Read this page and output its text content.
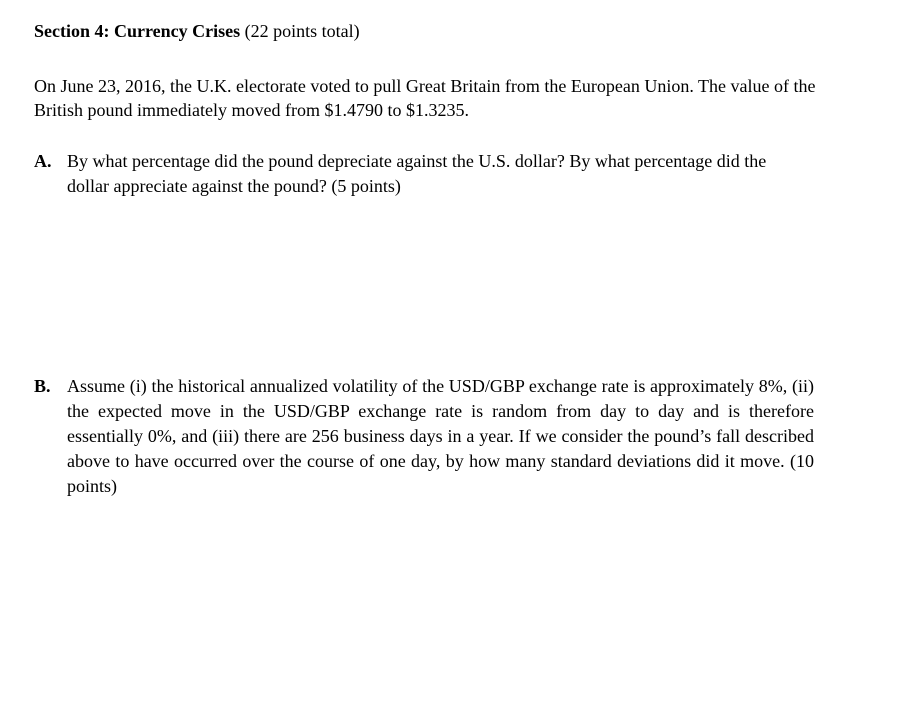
Section 4: Currency Crises (22 points total)
On June 23, 2016, the U.K. electorate voted to pull Great Britain from the European Union. The value of the British pound immediately moved from $1.4790 to $1.3235.
A. By what percentage did the pound depreciate against the U.S. dollar? By what percentage did the dollar appreciate against the pound? (5 points)
B. Assume (i) the historical annualized volatility of the USD/GBP exchange rate is approximately 8%, (ii) the expected move in the USD/GBP exchange rate is random from day to day and is therefore essentially 0%, and (iii) there are 256 business days in a year. If we consider the pound’s fall described above to have occurred over the course of one day, by how many standard deviations did it move. (10 points)
